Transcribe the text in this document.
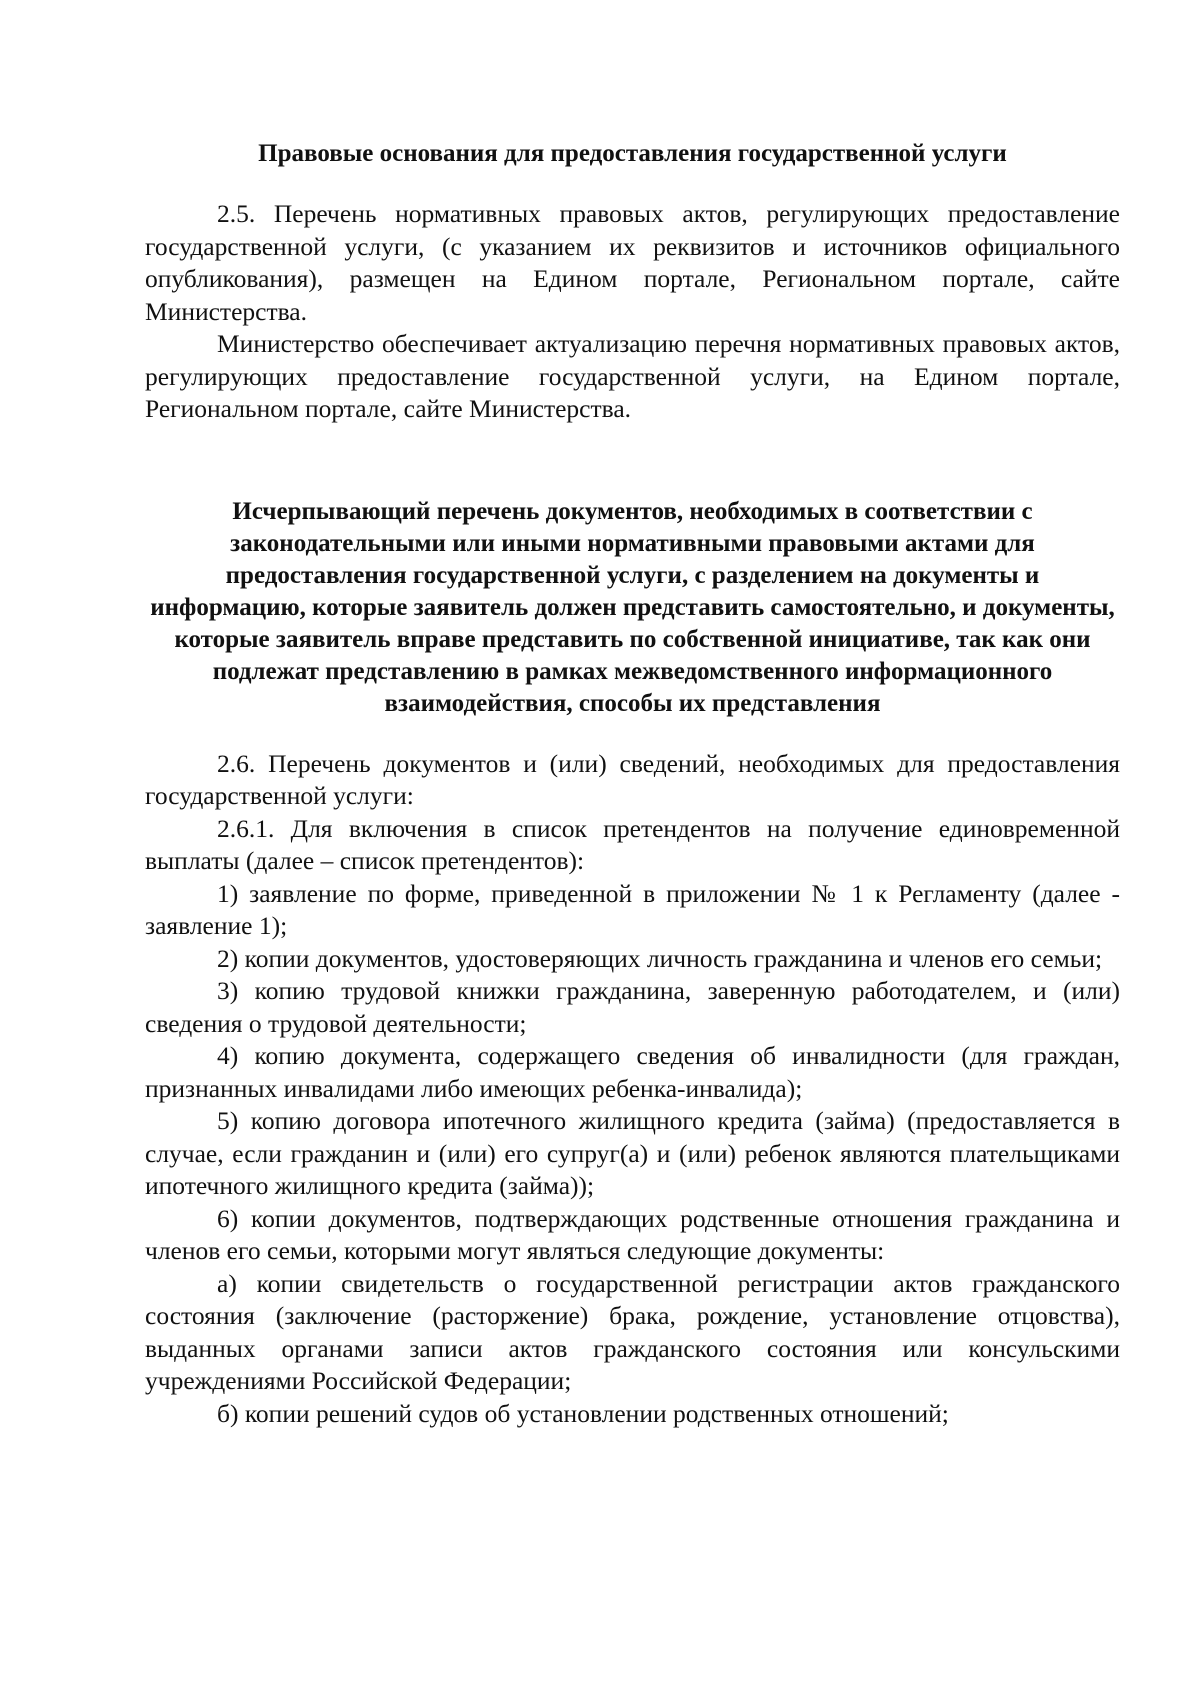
Правовые основания для предоставления государственной услуги

2.5. Перечень нормативных правовых актов, регулирующих предоставление государственной услуги, (с указанием их реквизитов и источников официального опубликования), размещен на Едином портале, Региональном портале, сайте Министерства.

Министерство обеспечивает актуализацию перечня нормативных правовых актов, регулирующих предоставление государственной услуги, на Едином портале, Региональном портале, сайте Министерства.

Исчерпывающий перечень документов, необходимых в соответствии с законодательными или иными нормативными правовыми актами для предоставления государственной услуги, с разделением на документы и информацию, которые заявитель должен представить самостоятельно, и документы, которые заявитель вправе представить по собственной инициативе, так как они подлежат представлению в рамках межведомственного информационного взаимодействия, способы их представления

2.6. Перечень документов и (или) сведений, необходимых для предоставления государственной услуги:

2.6.1. Для включения в список претендентов на получение единовременной выплаты (далее – список претендентов):

1) заявление по форме, приведенной в приложении № 1 к Регламенту (далее - заявление 1);

2) копии документов, удостоверяющих личность гражданина и членов его семьи;

3) копию трудовой книжки гражданина, заверенную работодателем, и (или) сведения о трудовой деятельности;

4) копию документа, содержащего сведения об инвалидности (для граждан, признанных инвалидами либо имеющих ребенка-инвалида);

5) копию договора ипотечного жилищного кредита (займа) (предоставляется в случае, если гражданин и (или) его супруг(а) и (или) ребенок являются плательщиками ипотечного жилищного кредита (займа));

6) копии документов, подтверждающих родственные отношения гражданина и членов его семьи, которыми могут являться следующие документы:

а) копии свидетельств о государственной регистрации актов гражданского состояния (заключение (расторжение) брака, рождение, установление отцовства), выданных органами записи актов гражданского состояния или консульскими учреждениями Российской Федерации;

б) копии решений судов об установлении родственных отношений;
